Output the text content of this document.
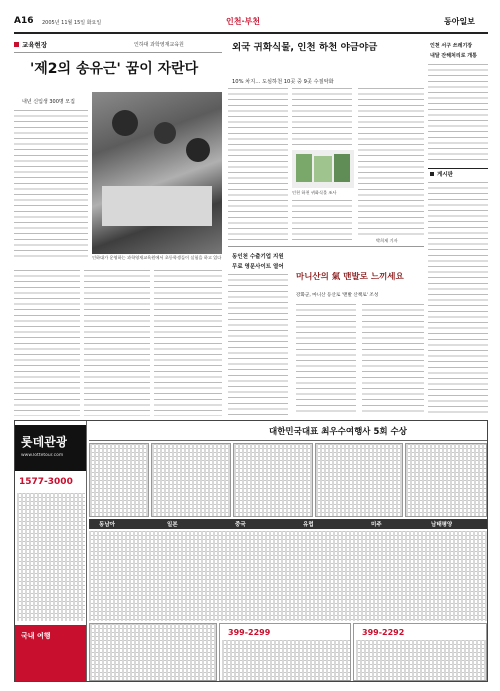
A16 2005년 11월 15일 화요일	인천·부천	동아일보
교육현장	인하대 과학영재교육원
'제2의 송유근' 꿈이 자란다
내년 신입생 300명 모집
인하대가 운영하는 과학영재교육원에서 초등학생들이 실험을 하고 있다
외국 귀화식물, 인천 하천 야금야금
10% 차지… 도심하천 10곳 중 9곳 수질악화
인천 하천 귀화식물 조사
박희제 기자
동인천 수출기업 지원
무료 영문사이트 열어
마니산의 氣 맨발로 느끼세요
강화군, 마니산 등산로 '맨발 산책로' 조성
인천 서구 쓰레기장
내달 잔해처리로 개통
게시판
롯데관광
www.lottetour.com
1577-3000
국내 여행
대한민국대표 최우수여행사 5회 수상
동남아	일본	중국	유럽	미주	남태평양
399-2299	399-2292
